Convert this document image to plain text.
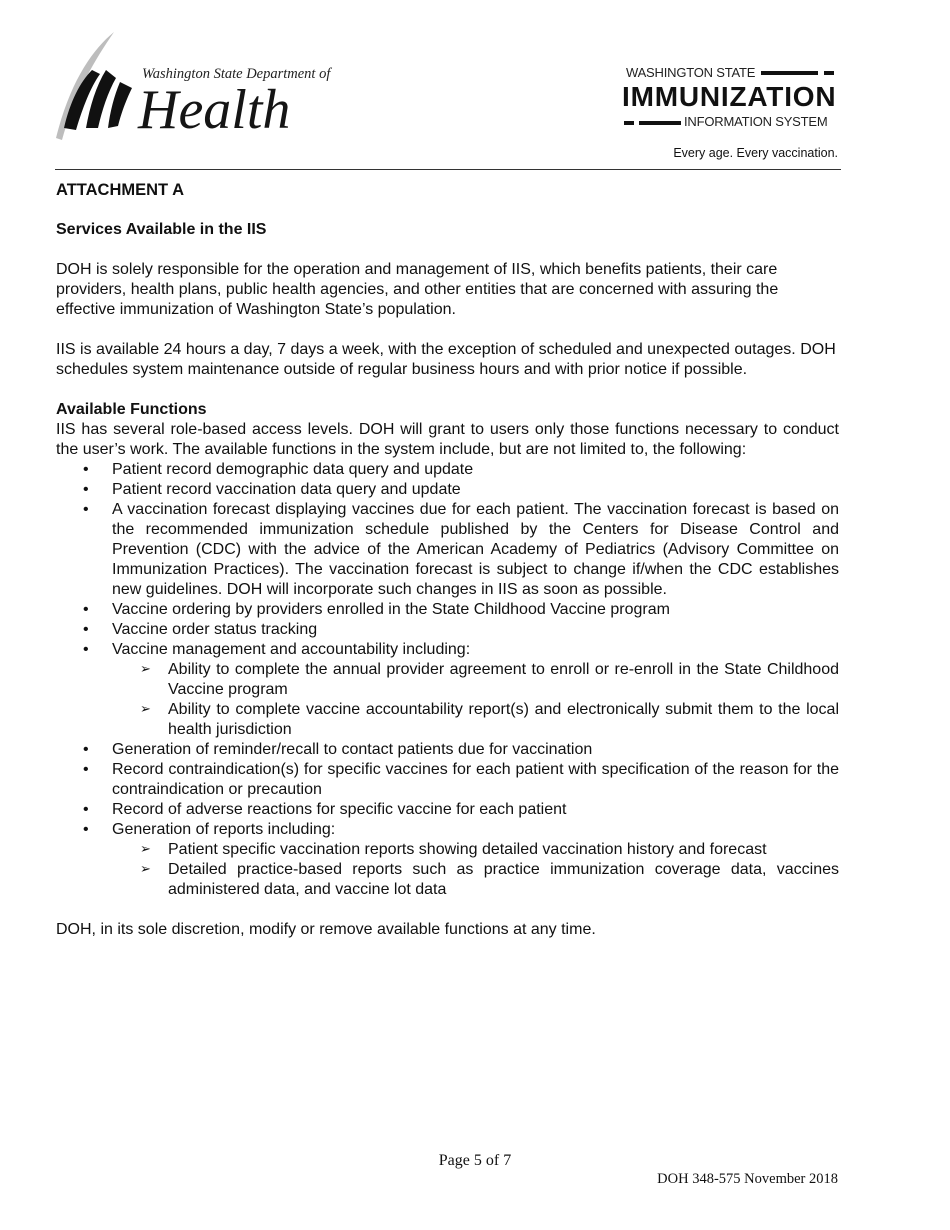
Washington State Department of
Health
WASHINGTON STATE
IMMUNIZATION
INFORMATION SYSTEM
Every age. Every vaccination.

ATTACHMENT A

Services Available in the IIS

DOH is solely responsible for the operation and management of IIS, which benefits patients, their care providers, health plans, public health agencies, and other entities that are concerned with assuring the effective immunization of Washington State’s population.

IIS is available 24 hours a day, 7 days a week, with the exception of scheduled and unexpected outages. DOH schedules system maintenance outside of regular business hours and with prior notice if possible.

Available Functions

IIS has several role-based access levels. DOH will grant to users only those functions necessary to conduct the user’s work. The available functions in the system include, but are not limited to, the following:

• Patient record demographic data query and update
• Patient record vaccination data query and update
• A vaccination forecast displaying vaccines due for each patient. The vaccination forecast is based on the recommended immunization schedule published by the Centers for Disease Control and Prevention (CDC) with the advice of the American Academy of Pediatrics (Advisory Committee on Immunization Practices). The vaccination forecast is subject to change if/when the CDC establishes new guidelines. DOH will incorporate such changes in IIS as soon as possible.
• Vaccine ordering by providers enrolled in the State Childhood Vaccine program
• Vaccine order status tracking
• Vaccine management and accountability including:
➢ Ability to complete the annual provider agreement to enroll or re-enroll in the State Childhood Vaccine program
➢ Ability to complete vaccine accountability report(s) and electronically submit them to the local health jurisdiction
• Generation of reminder/recall to contact patients due for vaccination
• Record contraindication(s) for specific vaccines for each patient with specification of the reason for the contraindication or precaution
• Record of adverse reactions for specific vaccine for each patient
• Generation of reports including:
➢ Patient specific vaccination reports showing detailed vaccination history and forecast
➢ Detailed practice-based reports such as practice immunization coverage data, vaccines administered data, and vaccine lot data

DOH, in its sole discretion, modify or remove available functions at any time.

Page 5 of 7
DOH 348-575 November 2018
